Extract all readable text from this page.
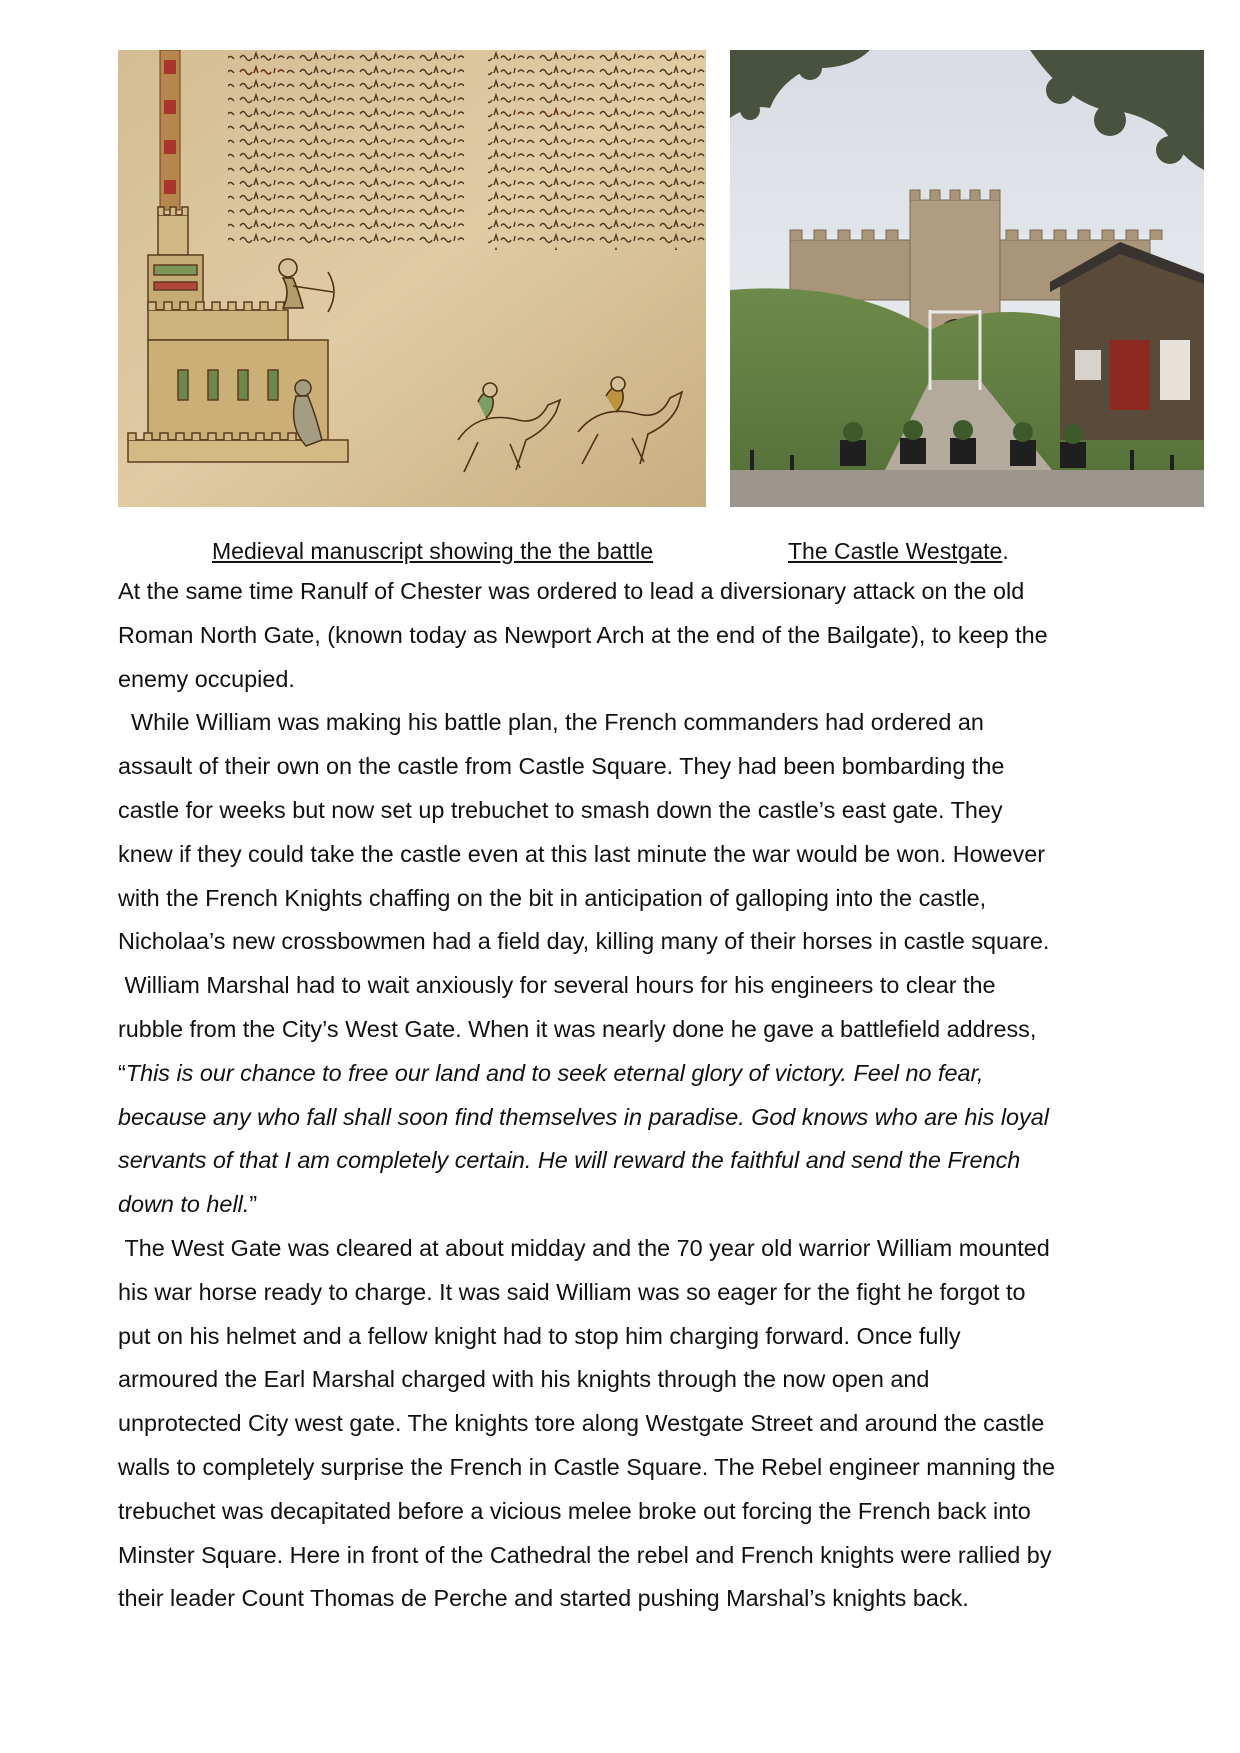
Medieval manuscript showing the the battle	The Castle Westgate.

At the same time Ranulf of Chester was ordered to lead a diversionary attack on the old

Roman North Gate, (known today as Newport Arch at the end of the Bailgate), to keep the

enemy occupied.

While William was making his battle plan, the French commanders had ordered an

assault of their own on the castle from Castle Square. They had been bombarding the

castle for weeks but now set up trebuchet to smash down the castle’s east gate. They

knew if they could take the castle even at this last minute the war would be won. However

with the French Knights chaffing on the bit in anticipation of galloping into the castle,

Nicholaa’s new crossbowmen had a field day, killing many of their horses in castle square.

William Marshal had to wait anxiously for several hours for his engineers to clear the

rubble from the City’s West Gate. When it was nearly done he gave a battlefield address,

“This is our chance to free our land and to seek eternal glory of victory. Feel no fear,

because any who fall shall soon find themselves in paradise. God knows who are his loyal

servants of that I am completely certain. He will reward the faithful and send the French

down to hell.”

The West Gate was cleared at about midday and the 70 year old warrior William mounted

his war horse ready to charge. It was said William was so eager for the fight he forgot to

put on his helmet and a fellow knight had to stop him charging forward. Once fully

armoured the Earl Marshal charged with his knights through the now open and

unprotected City west gate. The knights tore along Westgate Street and around the castle

walls to completely surprise the French in Castle Square. The Rebel engineer manning the

trebuchet was decapitated before a vicious melee broke out forcing the French back into

Minster Square. Here in front of the Cathedral the rebel and French knights were rallied by

their leader Count Thomas de Perche and started pushing Marshal’s knights back.
